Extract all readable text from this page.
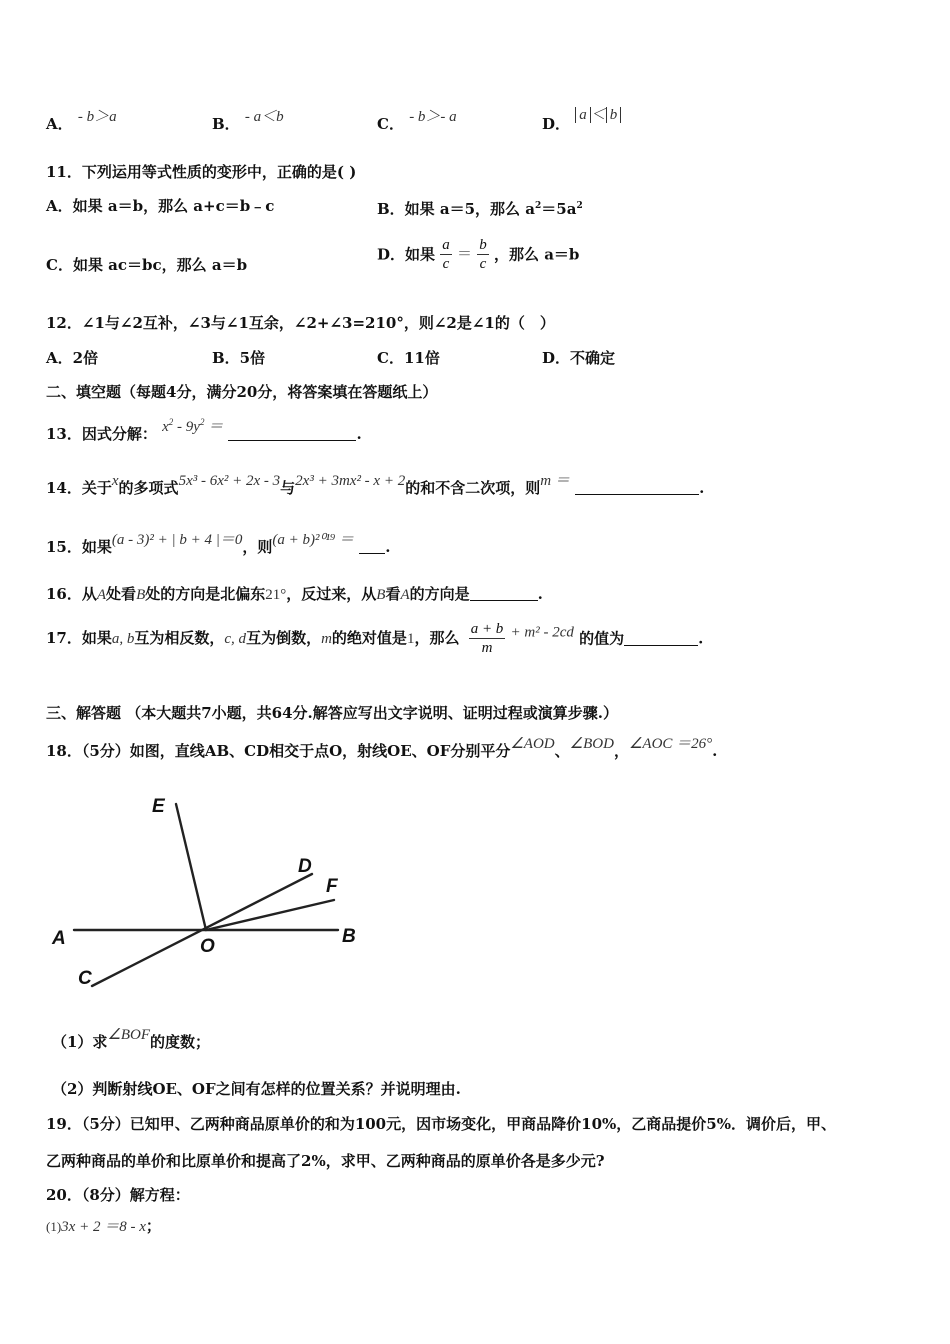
A． - b＞a	B． - a＜b	C． - b＞- a	D． a ＜ b
11．下列运用等式性质的变形中，正确的是( )
A．如果 a＝b，那么 a+c＝b﹣c	B．如果 a＝5，那么 $a^2=5a^2$
C．如果 ac＝bc，那么 a＝b
D．如果 $\frac{a}{c} = \frac{b}{c}$ ，那么 a＝b
12．∠1与∠2互补，∠3与∠1互余，∠2+∠3=210°，则∠2是∠1的（　）
A．2倍	B．5倍	C．11倍	D．不确定
二、填空题（每题4分，满分20分，将答案填在答题纸上）
13．因式分解： $x^2 - 9y^2$ ＝	.
14．关于x的多项式5x³ - 6x² + 2x - 3与2x³ + 3mx² - x + 2的和不含二次项，则m ＝	.
15．如果(a - 3)² + | b + 4 |＝0，则(a + b)²⁰¹⁹ ＝ .
16．从A处看B处的方向是北偏东21°，反过来，从B看A的方向是	.
17．如果a, b互为相反数，c, d互为倒数，m的绝对值是1，那么 $\frac{a + b}{m} + m^2 - 2cd$ 的值为	.
三、解答题 （本大题共7小题，共64分.解答应写出文字说明、证明过程或演算步骤.）
18．（5分）如图，直线AB、CD相交于点O，射线OE、OF分别平分∠AOD、∠BOD，∠AOC ＝26°.
E
D
F
A	O	B
C
（1）求∠BOF的度数；
（2）判断射线OE、OF之间有怎样的位置关系？并说明理由.
19．（5分）已知甲、乙两种商品原单价的和为100元，因市场变化，甲商品降价10%，乙商品提价5%．调价后，甲、
乙两种商品的单价和比原单价和提高了2%，求甲、乙两种商品的原单价各是多少元?
20．（8分）解方程：
(1)3x + 2 ＝8 - x；
